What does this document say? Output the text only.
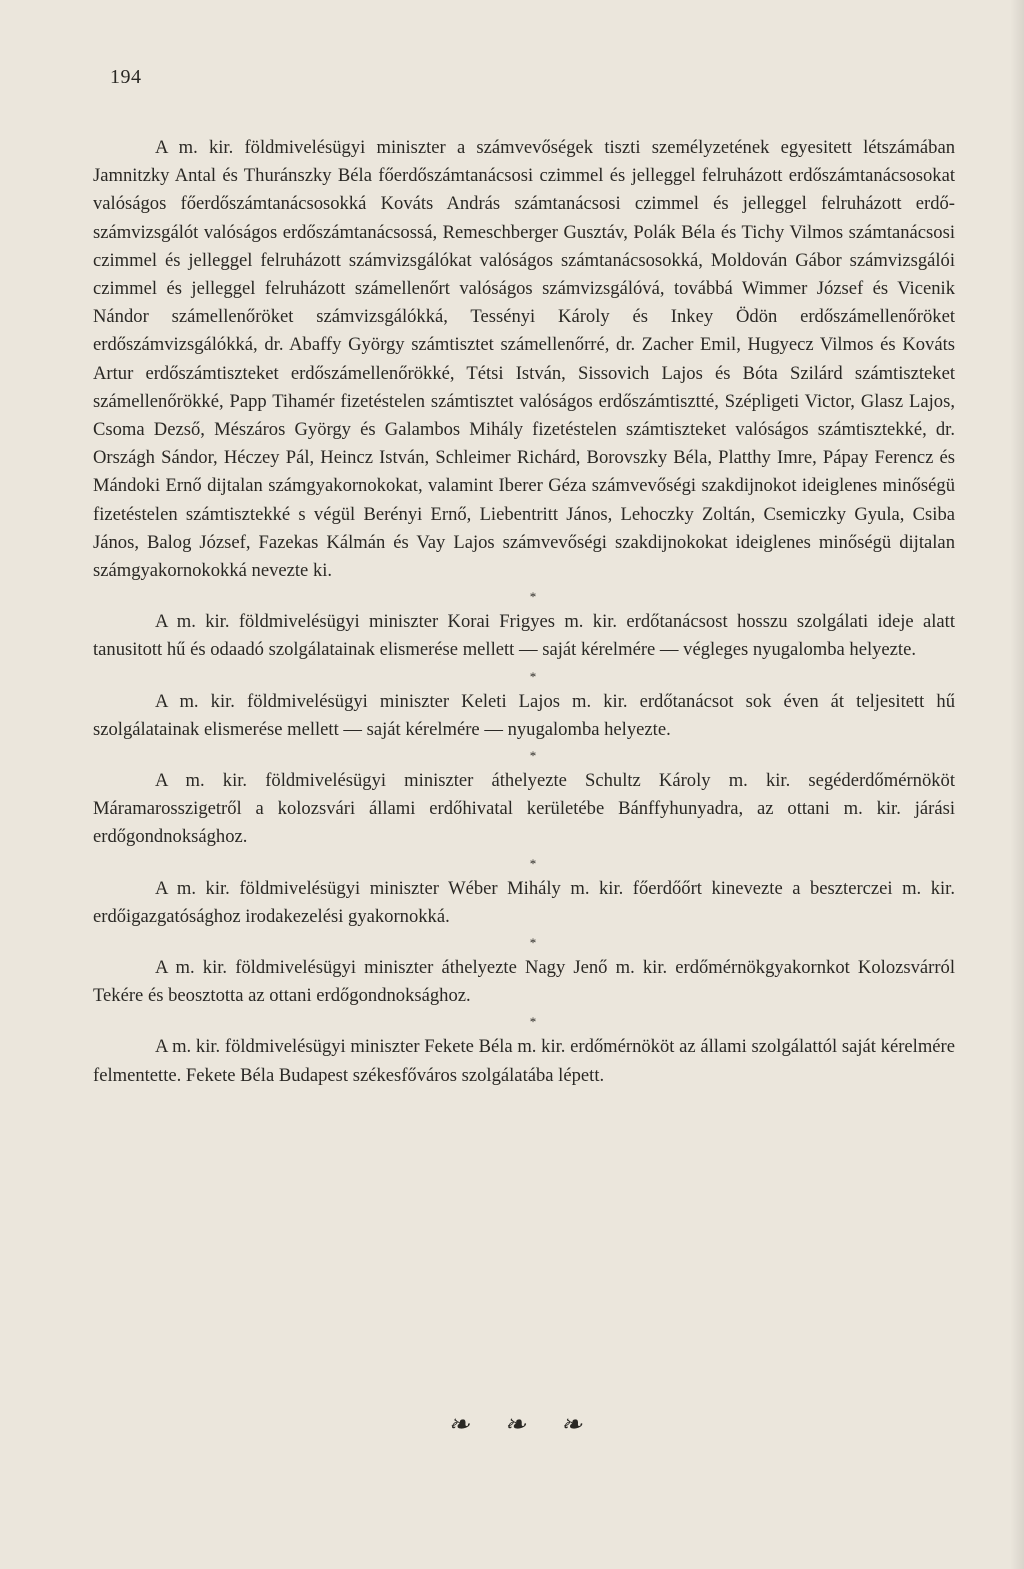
194

A m. kir. földmivelésügyi miniszter a számvevőségek tiszti személyzetének egyesitett létszámában Jamnitzky Antal és Thuránszky Béla főerdőszámtanácsosi czimmel és jelleggel felruházott erdőszámtanácsosokat valóságos főerdőszámtanácsosokká Kováts András számtanácsosi czimmel és jelleggel felruházott erdőszámvizsgálót valóságos erdőszámtanácsossá, Remeschberger Gusztáv, Polák Béla és Tichy Vilmos számtanácsosi czimmel és jelleggel felruházott számvizsgálókat valóságos számtanácsosokká, Moldován Gábor számvizsgálói czimmel és jelleggel felruházott számellenőrt valóságos számvizsgálóvá, továbbá Wimmer József és Vicenik Nándor számellenőröket számvizsgálókká, Tessényi Károly és Inkey Ödön erdőszámellenőröket erdőszámvizsgálókká, dr. Abaffy György számtisztet számellenőrré, dr. Zacher Emil, Hugyecz Vilmos és Kováts Artur erdőszámtiszteket erdőszámellenőrökké, Tétsi István, Sissovich Lajos és Bóta Szilárd számtiszteket számellenőrökké, Papp Tihamér fizetéstelen számtisztet valóságos erdőszámtisztté, Szépligeti Victor, Glasz Lajos, Csoma Dezső, Mészáros György és Galambos Mihály fizetéstelen számtiszteket valóságos számtisztekké, dr. Országh Sándor, Héczey Pál, Heincz István, Schleimer Richárd, Borovszky Béla, Platthy Imre, Pápay Ferencz és Mándoki Ernő dijtalan számgyakornokokat, valamint Iberer Géza számvevőségi szakdijnokot ideiglenes minőségü fizetéstelen számtisztekké s végül Berényi Ernő, Liebentritt János, Lehoczky Zoltán, Csemiczky Gyula, Csiba János, Balog József, Fazekas Kálmán és Vay Lajos számvevőségi szakdijnokokat ideiglenes minőségü dijtalan számgyakornokokká nevezte ki.

*

A m. kir. földmivelésügyi miniszter Korai Frigyes m. kir. erdőtanácsost hosszu szolgálati ideje alatt tanusitott hű és odaadó szolgálatainak elismerése mellett — saját kérelmére — végleges nyugalomba helyezte.

*

A m. kir. földmivelésügyi miniszter Keleti Lajos m. kir. erdőtanácsot sok éven át teljesitett hű szolgálatainak elismerése mellett — saját kérelmére — nyugalomba helyezte.

*

A m. kir. földmivelésügyi miniszter áthelyezte Schultz Károly m. kir. segéderdőmérnököt Máramarosszigetről a kolozsvári állami erdőhivatal kerületébe Bánffyhunyadra, az ottani m. kir. járási erdőgondnoksághoz.

*

A m. kir. földmivelésügyi miniszter Wéber Mihály m. kir. főerdőőrt kinevezte a beszterczei m. kir. erdőigazgatósághoz irodakezelési gyakornokká.

*

A m. kir. földmivelésügyi miniszter áthelyezte Nagy Jenő m. kir. erdőmérnökgyakornkot Kolozsvárról Tekére és beosztotta az ottani erdőgondnoksághoz.

*

A m. kir. földmivelésügyi miniszter Fekete Béla m. kir. erdőmérnököt az állami szolgálattól saját kérelmére felmentette. Fekete Béla Budapest székesfőváros szolgálatába lépett.

❧ ❧ ❧
